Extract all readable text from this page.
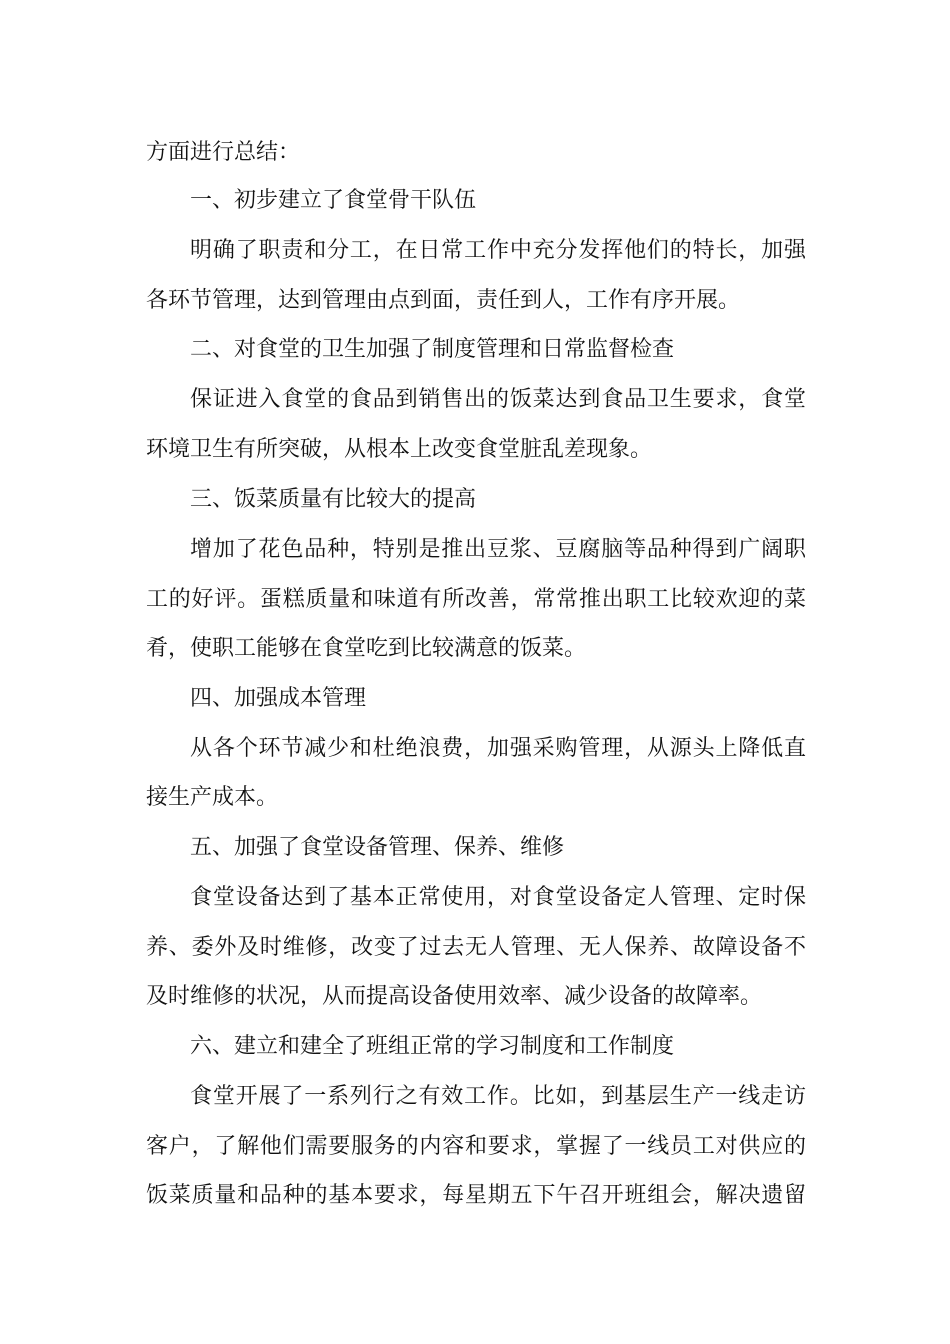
方面进行总结：
一、初步建立了食堂骨干队伍
明确了职责和分工，在日常工作中充分发挥他们的特长，加强
各环节管理，达到管理由点到面，责任到人，工作有序开展。
二、对食堂的卫生加强了制度管理和日常监督检查
保证进入食堂的食品到销售出的饭菜达到食品卫生要求，食堂
环境卫生有所突破，从根本上改变食堂脏乱差现象。
三、饭菜质量有比较大的提高
增加了花色品种，特别是推出豆浆、豆腐脑等品种得到广阔职
工的好评。蛋糕质量和味道有所改善，常常推出职工比较欢迎的菜
肴，使职工能够在食堂吃到比较满意的饭菜。
四、加强成本管理
从各个环节减少和杜绝浪费，加强采购管理，从源头上降低直
接生产成本。
五、加强了食堂设备管理、保养、维修
食堂设备达到了基本正常使用，对食堂设备定人管理、定时保
养、委外及时维修，改变了过去无人管理、无人保养、故障设备不
及时维修的状况，从而提高设备使用效率、减少设备的故障率。
六、建立和建全了班组正常的学习制度和工作制度
食堂开展了一系列行之有效工作。比如，到基层生产一线走访
客户，了解他们需要服务的内容和要求，掌握了一线员工对供应的
饭菜质量和品种的基本要求，每星期五下午召开班组会，解决遗留
